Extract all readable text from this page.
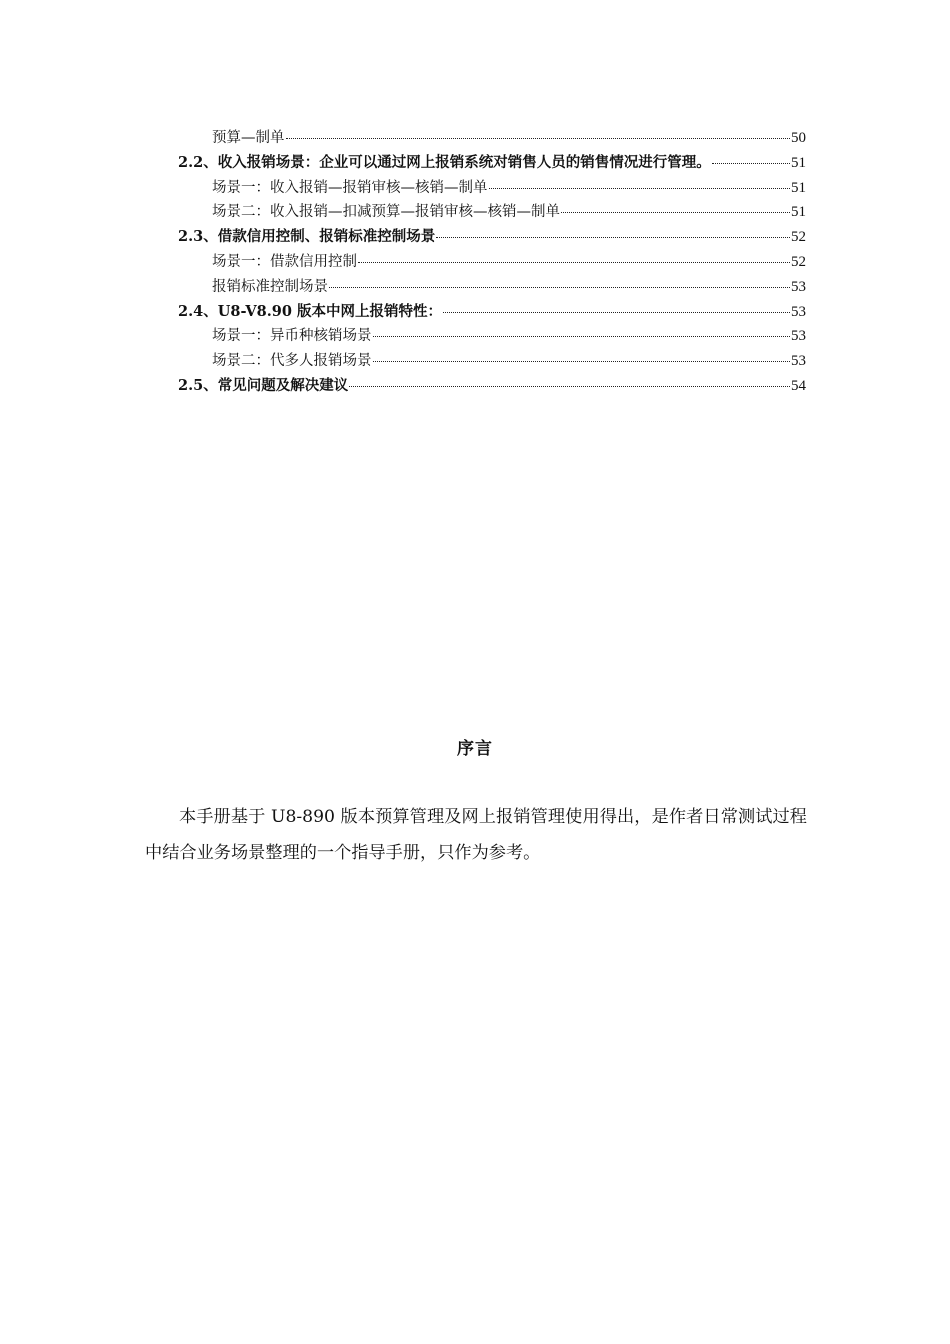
预算—制单	50
2.2、收入报销场景：企业可以通过网上报销系统对销售人员的销售情况进行管理。	51
场景一：收入报销—报销审核—核销—制单	51
场景二：收入报销—扣减预算—报销审核—核销—制单	51
2.3、借款信用控制、报销标准控制场景	52
场景一：借款信用控制	52
报销标准控制场景	53
2.4、U8-V8.90 版本中网上报销特性：	53
场景一：异币种核销场景	53
场景二：代多人报销场景	53
2.5、常见问题及解决建议	54
序言

本手册基于 U8-890 版本预算管理及网上报销管理使用得出，是作者日常测试过程中结合业务场景整理的一个指导手册，只作为参考。
